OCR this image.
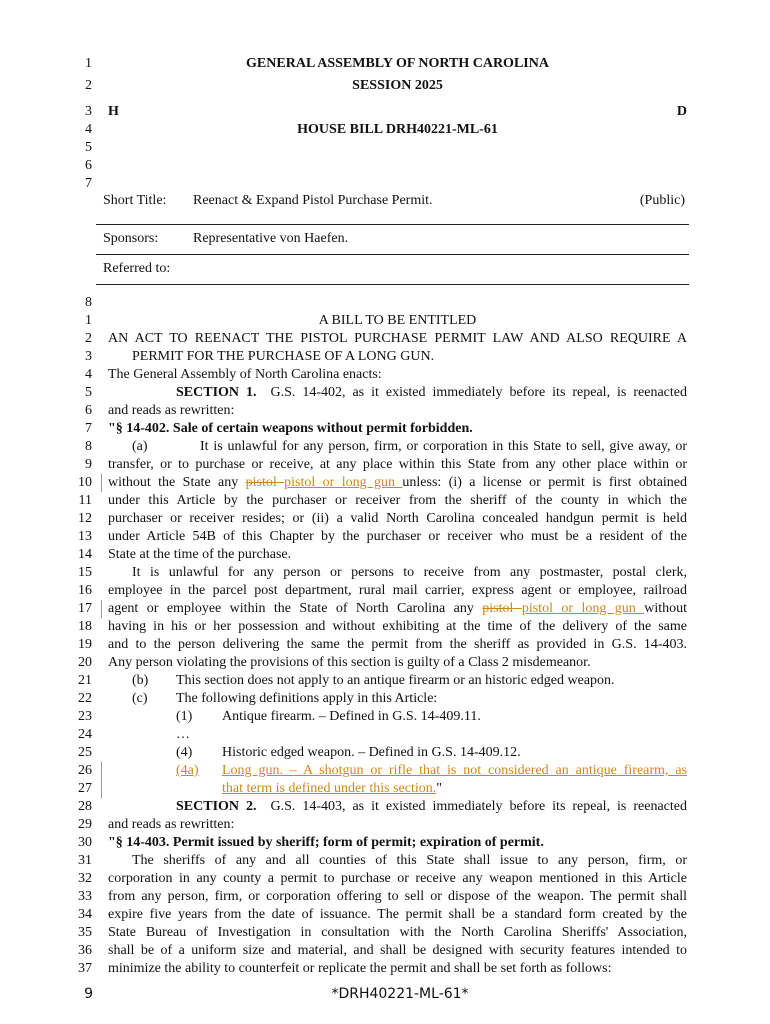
1
2
3
4
5
6
7
GENERAL ASSEMBLY OF NORTH CAROLINA
SESSION 2025
H	D
HOUSE BILL DRH40221-ML-61
Short Title: Reenact & Expand Pistol Purchase Permit.	(Public)
Sponsors: Representative von Haefen.
Referred to:
8
1
2
3
4
5
6
7
8
9
10
11
12
13
14
15
16
17
18
19
20
21
22
23
24
25
26
27
28
29
30
31
32
33
34
35
36
37
A BILL TO BE ENTITLED
AN ACT TO REENACT THE PISTOL PURCHASE PERMIT LAW AND ALSO REQUIRE A
PERMIT FOR THE PURCHASE OF A LONG GUN.
The General Assembly of North Carolina enacts:
SECTION 1. G.S. 14-402, as it existed immediately before its repeal, is reenacted
and reads as rewritten:
"§ 14-402. Sale of certain weapons without permit forbidden.
(a)	It is unlawful for any person, firm, or corporation in this State to sell, give away, or
transfer, or to purchase or receive, at any place within this State from any other place within or
without the State any pistol pistol or long gun unless: (i) a license or permit is first obtained
under this Article by the purchaser or receiver from the sheriff of the county in which the
purchaser or receiver resides; or (ii) a valid North Carolina concealed handgun permit is held
under Article 54B of this Chapter by the purchaser or receiver who must be a resident of the
State at the time of the purchase.
It is unlawful for any person or persons to receive from any postmaster, postal clerk,
employee in the parcel post department, rural mail carrier, express agent or employee, railroad
agent or employee within the State of North Carolina any pistol pistol or long gun without
having in his or her possession and without exhibiting at the time of the delivery of the same
and to the person delivering the same the permit from the sheriff as provided in G.S. 14-403.
Any person violating the provisions of this section is guilty of a Class 2 misdemeanor.
(b) This section does not apply to an antique firearm or an historic edged weapon.
(c) The following definitions apply in this Article:
(1) Antique firearm. – Defined in G.S. 14-409.11.
…
(4) Historic edged weapon. – Defined in G.S. 14-409.12.
(4a) Long gun. – A shotgun or rifle that is not considered an antique firearm, as
that term is defined under this section."
SECTION 2. G.S. 14-403, as it existed immediately before its repeal, is reenacted
and reads as rewritten:
"§ 14-403. Permit issued by sheriff; form of permit; expiration of permit.
The sheriffs of any and all counties of this State shall issue to any person, firm, or
corporation in any county a permit to purchase or receive any weapon mentioned in this Article
from any person, firm, or corporation offering to sell or dispose of the weapon. The permit shall
expire five years from the date of issuance. The permit shall be a standard form created by the
State Bureau of Investigation in consultation with the North Carolina Sheriffs' Association,
shall be of a uniform size and material, and shall be designed with security features intended to
minimize the ability to counterfeit or replicate the permit and shall be set forth as follows:
9	*DRH40221-ML-61*
